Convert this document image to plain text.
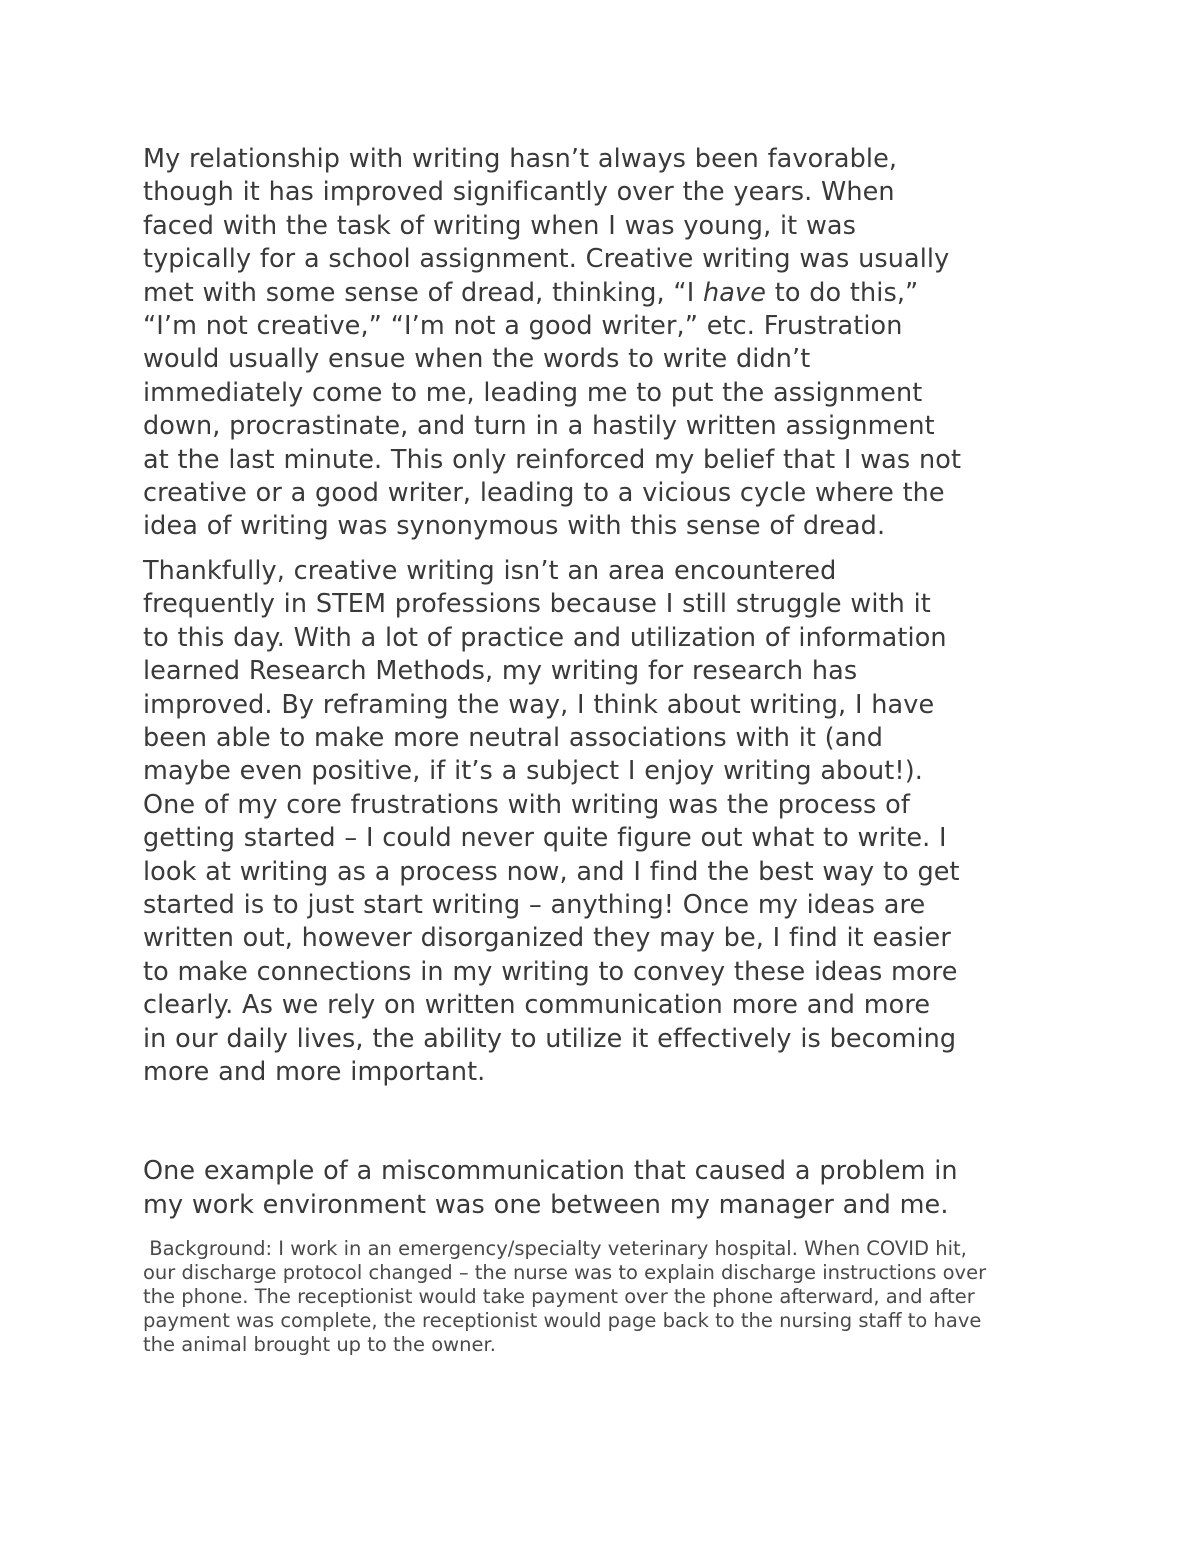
My relationship with writing hasn’t always been favorable,
though it has improved significantly over the years. When
faced with the task of writing when I was young, it was
typically for a school assignment. Creative writing was usually
met with some sense of dread, thinking, “I have to do this,”
“I’m not creative,” “I’m not a good writer,” etc. Frustration
would usually ensue when the words to write didn’t
immediately come to me, leading me to put the assignment
down, procrastinate, and turn in a hastily written assignment
at the last minute. This only reinforced my belief that I was not
creative or a good writer, leading to a vicious cycle where the
idea of writing was synonymous with this sense of dread.

Thankfully, creative writing isn’t an area encountered
frequently in STEM professions because I still struggle with it
to this day. With a lot of practice and utilization of information
learned Research Methods, my writing for research has
improved. By reframing the way, I think about writing, I have
been able to make more neutral associations with it (and
maybe even positive, if it’s a subject I enjoy writing about!).
One of my core frustrations with writing was the process of
getting started – I could never quite figure out what to write. I
look at writing as a process now, and I find the best way to get
started is to just start writing – anything! Once my ideas are
written out, however disorganized they may be, I find it easier
to make connections in my writing to convey these ideas more
clearly. As we rely on written communication more and more
in our daily lives, the ability to utilize it effectively is becoming
more and more important.

One example of a miscommunication that caused a problem in
my work environment was one between my manager and me.

Background: I work in an emergency/specialty veterinary hospital. When COVID hit,
our discharge protocol changed – the nurse was to explain discharge instructions over
the phone. The receptionist would take payment over the phone afterward, and after
payment was complete, the receptionist would page back to the nursing staff to have
the animal brought up to the owner.
